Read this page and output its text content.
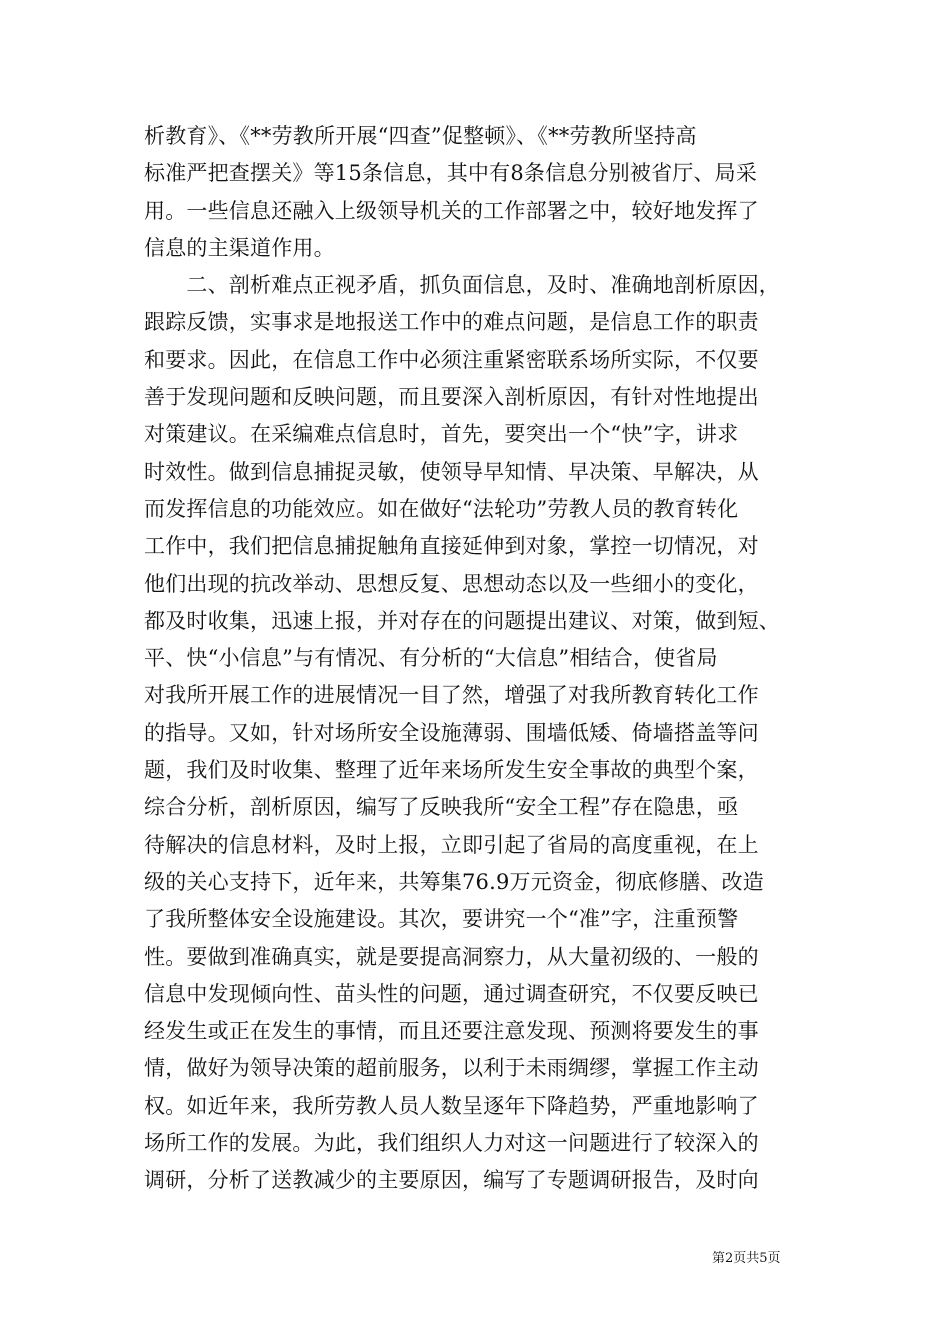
析教育》、《**劳教所开展“四查”促整顿》、《**劳教所坚持高
标准严把查摆关》等15条信息，其中有8条信息分别被省厅、局采
用。一些信息还融入上级领导机关的工作部署之中，较好地发挥了
信息的主渠道作用。
　　二、剖析难点正视矛盾，抓负面信息，及时、准确地剖析原因，
跟踪反馈，实事求是地报送工作中的难点问题，是信息工作的职责
和要求。因此，在信息工作中必须注重紧密联系场所实际，不仅要
善于发现问题和反映问题，而且要深入剖析原因，有针对性地提出
对策建议。在采编难点信息时，首先，要突出一个“快”字，讲求
时效性。做到信息捕捉灵敏，使领导早知情、早决策、早解决，从
而发挥信息的功能效应。如在做好“法轮功”劳教人员的教育转化
工作中，我们把信息捕捉触角直接延伸到对象，掌控一切情况，对
他们出现的抗改举动、思想反复、思想动态以及一些细小的变化，
都及时收集，迅速上报，并对存在的问题提出建议、对策，做到短、
平、快“小信息”与有情况、有分析的“大信息”相结合，使省局
对我所开展工作的进展情况一目了然，增强了对我所教育转化工作
的指导。又如，针对场所安全设施薄弱、围墙低矮、倚墙搭盖等问
题，我们及时收集、整理了近年来场所发生安全事故的典型个案，
综合分析，剖析原因，编写了反映我所“安全工程”存在隐患，亟
待解决的信息材料，及时上报，立即引起了省局的高度重视，在上
级的关心支持下，近年来，共筹集76.9万元资金，彻底修膳、改造
了我所整体安全设施建设。其次，要讲究一个“准”字，注重预警
性。要做到准确真实，就是要提高洞察力，从大量初级的、一般的
信息中发现倾向性、苗头性的问题，通过调查研究，不仅要反映已
经发生或正在发生的事情，而且还要注意发现、预测将要发生的事
情，做好为领导决策的超前服务，以利于未雨绸缪，掌握工作主动
权。如近年来，我所劳教人员人数呈逐年下降趋势，严重地影响了
场所工作的发展。为此，我们组织人力对这一问题进行了较深入的
调研，分析了送教减少的主要原因，编写了专题调研报告，及时向
第2页共5页
